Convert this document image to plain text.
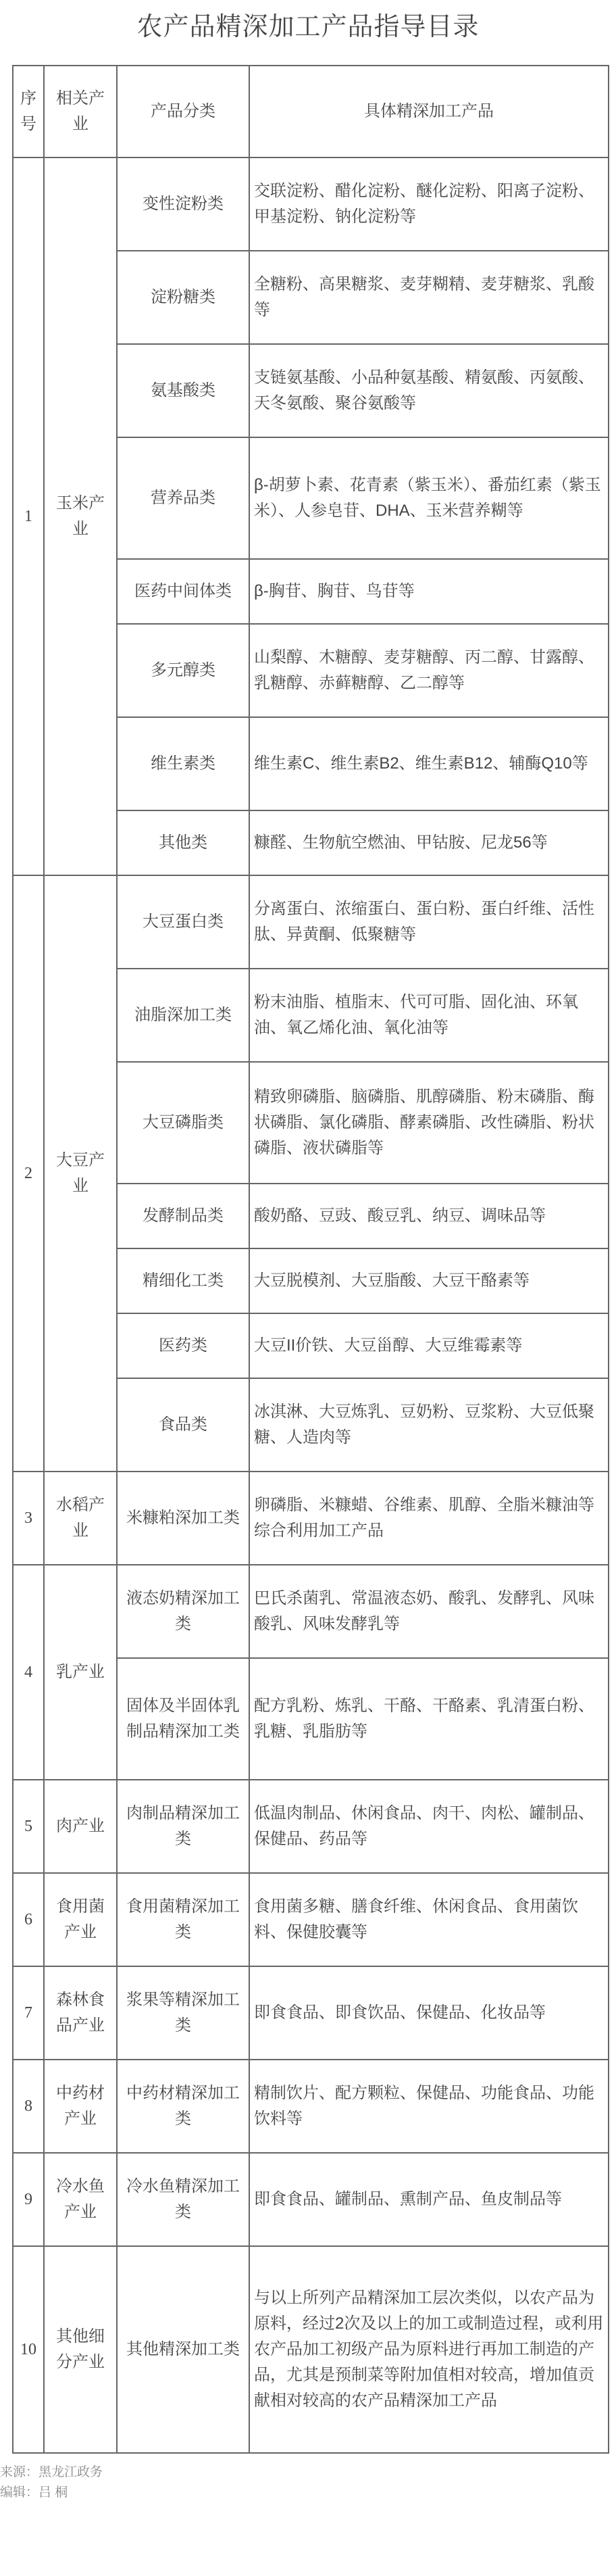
农产品精深加工产品指导目录
序号	相关产业	产品分类	具体精深加工产品
1	玉米产业	变性淀粉类	交联淀粉、醋化淀粉、醚化淀粉、阳离子淀粉、甲基淀粉、钠化淀粉等
		淀粉糖类	全糖粉、高果糖浆、麦芽糊精、麦芽糖浆、乳酸等
		氨基酸类	支链氨基酸、小品种氨基酸、精氨酸、丙氨酸、天冬氨酸、聚谷氨酸等
		营养品类	β-胡萝卜素、花青素（紫玉米）、番茄红素（紫玉米）、人参皂苷、DHA、玉米营养糊等
		医药中间体类	β-胸苷、胸苷、鸟苷等
		多元醇类	山梨醇、木糖醇、麦芽糖醇、丙二醇、甘露醇、乳糖醇、赤藓糖醇、乙二醇等
		维生素类	维生素C、维生素B2、维生素B12、辅酶Q10等
		其他类	糠醛、生物航空燃油、甲钴胺、尼龙56等
2	大豆产业	大豆蛋白类	分离蛋白、浓缩蛋白、蛋白粉、蛋白纤维、活性肽、异黄酮、低聚糖等
		油脂深加工类	粉末油脂、植脂末、代可可脂、固化油、环氧油、氧乙烯化油、氧化油等
		大豆磷脂类	精致卵磷脂、脑磷脂、肌醇磷脂、粉末磷脂、酶状磷脂、氯化磷脂、酵素磷脂、改性磷脂、粉状磷脂、液状磷脂等
		发酵制品类	酸奶酪、豆豉、酸豆乳、纳豆、调味品等
		精细化工类	大豆脱模剂、大豆脂酸、大豆干酪素等
		医药类	大豆II价铁、大豆甾醇、大豆维霉素等
		食品类	冰淇淋、大豆炼乳、豆奶粉、豆浆粉、大豆低聚糖、人造肉等
3	水稻产业	米糠粕深加工类	卵磷脂、米糠蜡、谷维素、肌醇、全脂米糠油等综合利用加工产品
4	乳产业	液态奶精深加工类	巴氏杀菌乳、常温液态奶、酸乳、发酵乳、风味酸乳、风味发酵乳等
		固体及半固体乳制品精深加工类	配方乳粉、炼乳、干酪、干酪素、乳清蛋白粉、乳糖、乳脂肪等
5	肉产业	肉制品精深加工类	低温肉制品、休闲食品、肉干、肉松、罐制品、保健品、药品等
6	食用菌产业	食用菌精深加工类	食用菌多糖、膳食纤维、休闲食品、食用菌饮料、保健胶囊等
7	森林食品产业	浆果等精深加工类	即食食品、即食饮品、保健品、化妆品等
8	中药材产业	中药材精深加工类	精制饮片、配方颗粒、保健品、功能食品、功能饮料等
9	冷水鱼产业	冷水鱼精深加工类	即食食品、罐制品、熏制产品、鱼皮制品等
10	其他细分产业	其他精深加工类	与以上所列产品精深加工层次类似，以农产品为原料，经过2次及以上的加工或制造过程，或利用农产品加工初级产品为原料进行再加工制造的产品，尤其是预制菜等附加值相对较高，增加值贡献相对较高的农产品精深加工产品
来源：黑龙江政务
编辑：吕 桐
